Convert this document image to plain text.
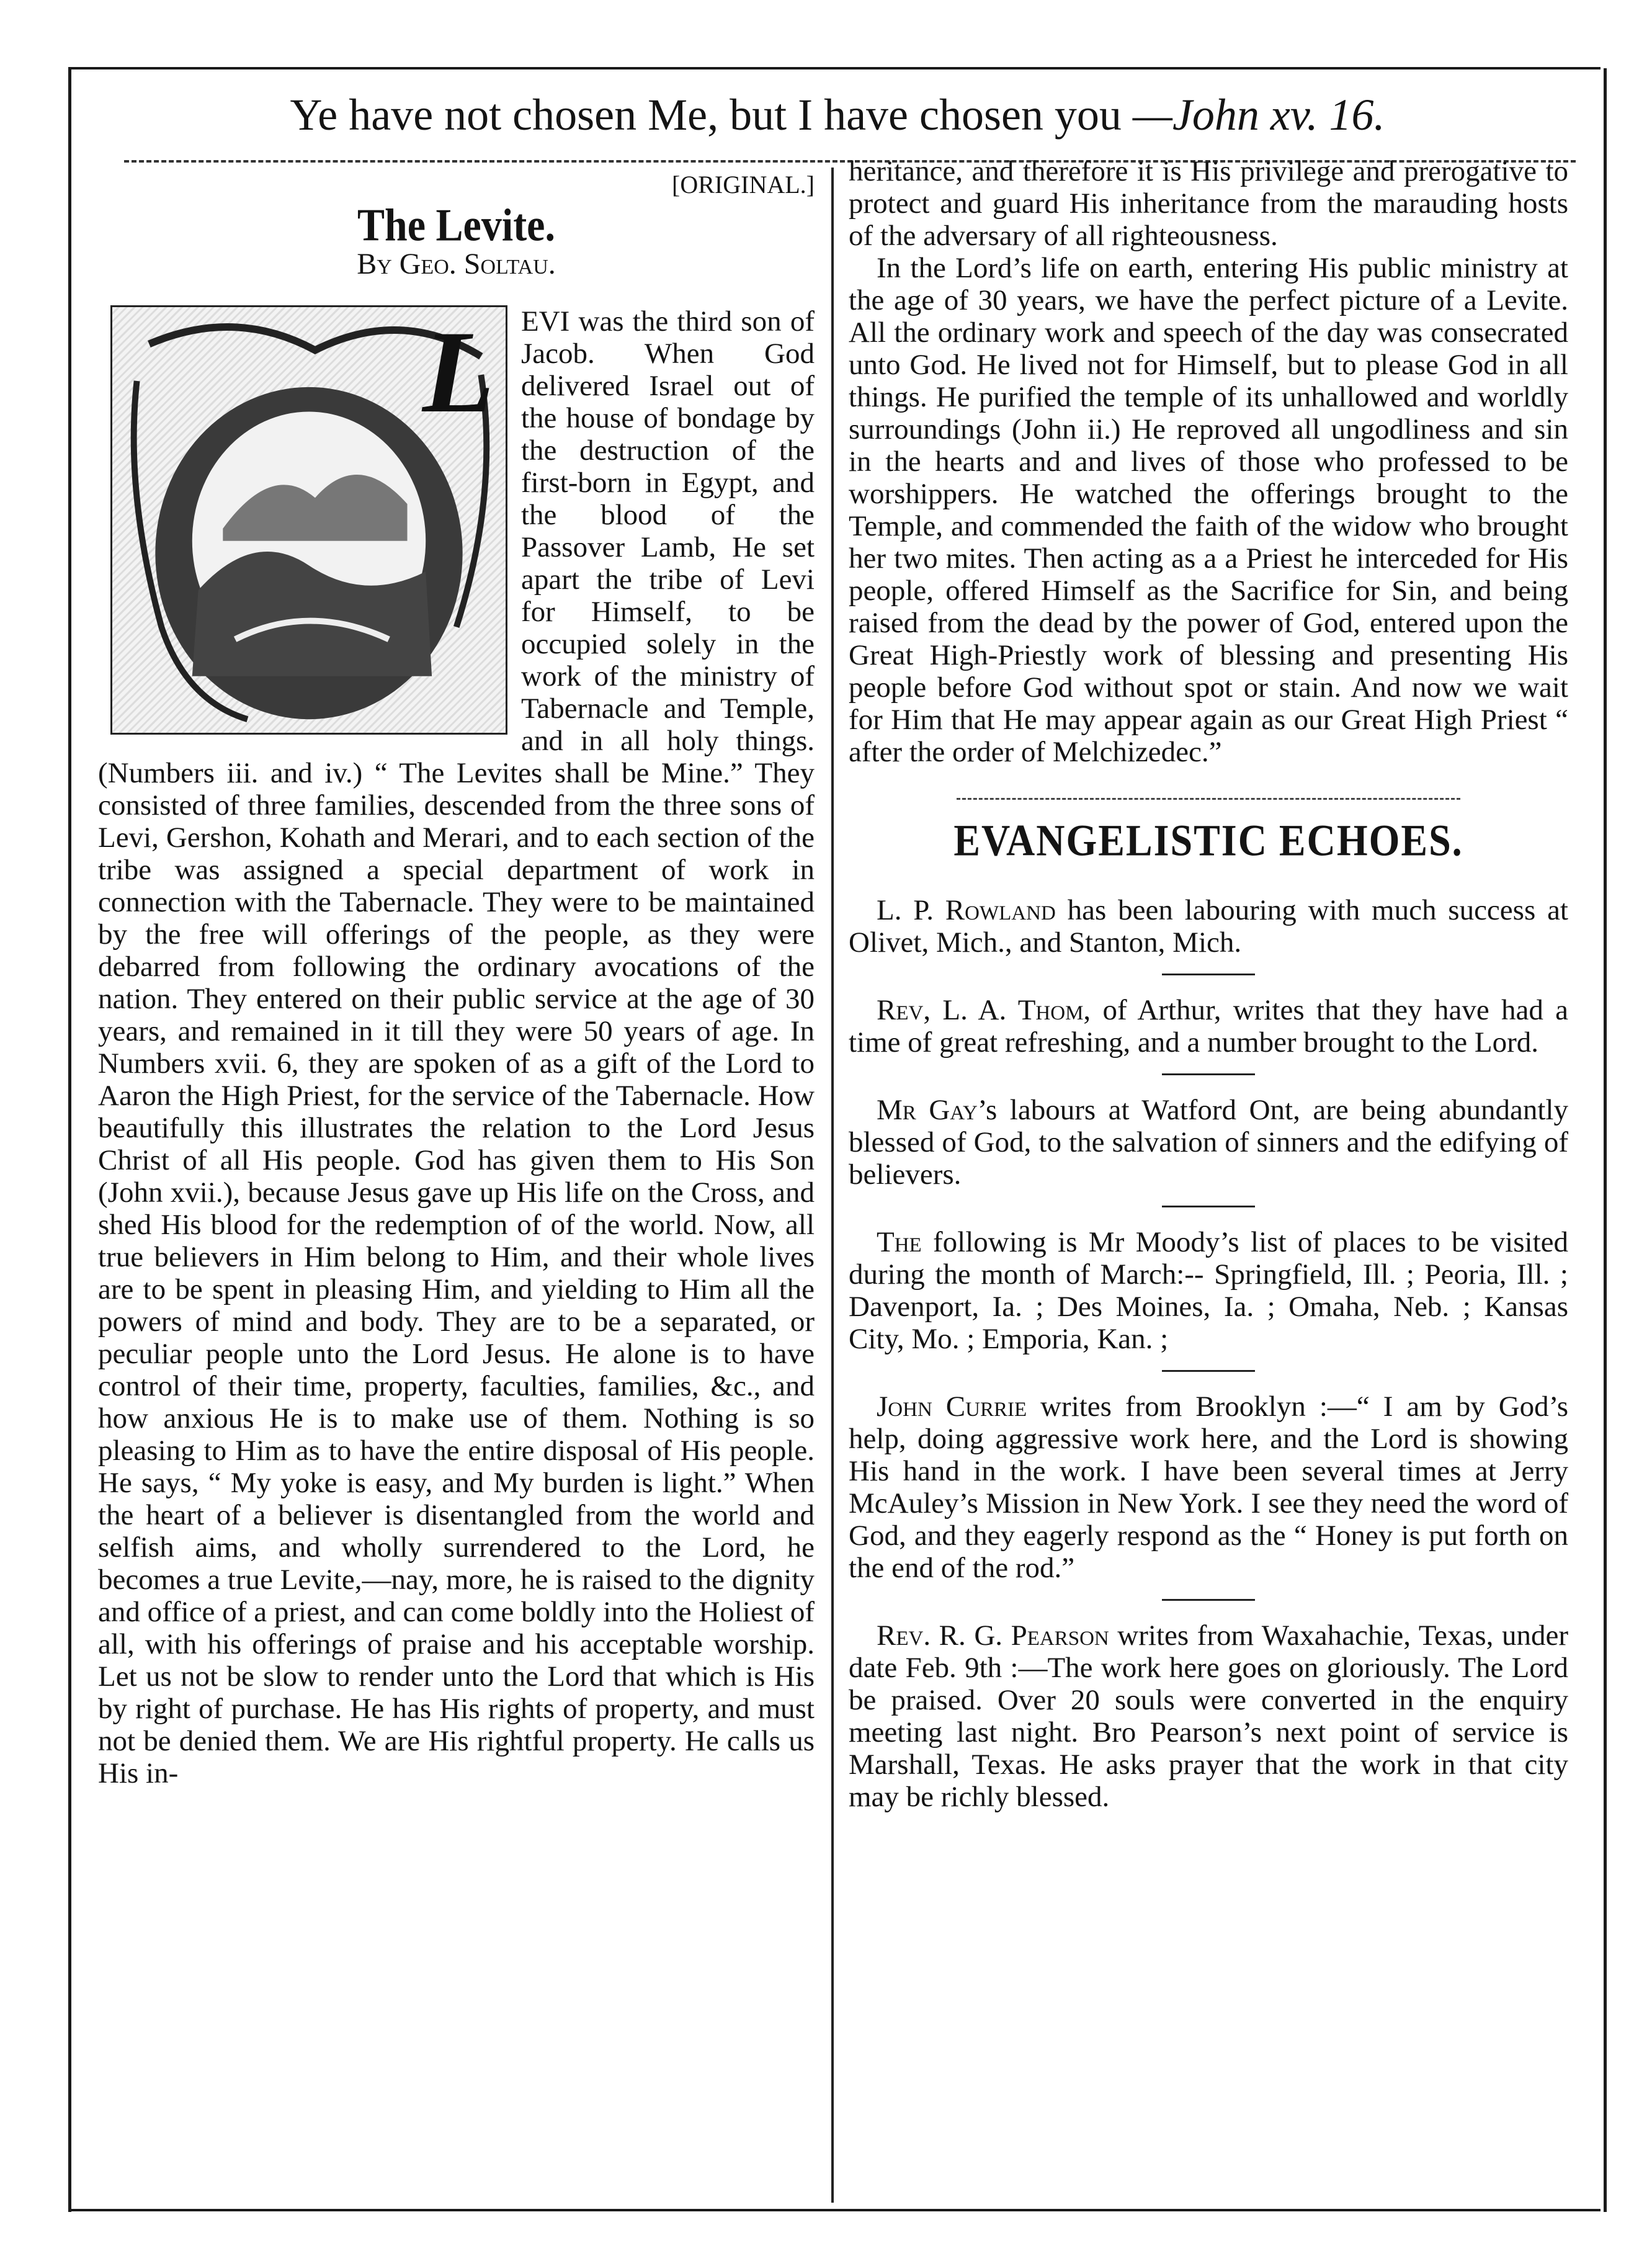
Ye have not chosen Me, but I have chosen you —John xv. 16.
[ORIGINAL.]
The Levite.
By Geo. Soltau.
L EVI was the third son of Jacob. When God delivered Israel out of the house of bondage by the destruction of the first-born in Egypt, and the blood of the Passover Lamb, He set apart the tribe of Levi for Himself, to be occupied solely in the work of the ministry of Tabernacle and Temple, and in all holy things. (Numbers iii. and iv.) “ The Levites shall be Mine.” They consisted of three families, descended from the three sons of Levi, Gershon, Kohath and Merari, and to each section of the tribe was assigned a special department of work in connection with the Tabernacle. They were to be maintained by the free will offerings of the people, as they were debarred from following the ordinary avocations of the nation. They entered on their public service at the age of 30 years, and remained in it till they were 50 years of age. In Numbers xvii. 6, they are spoken of as a gift of the Lord to Aaron the High Priest, for the service of the Tabernacle. How beautifully this illustrates the relation to the Lord Jesus Christ of all His people. God has given them to His Son (John xvii.), because Jesus gave up His life on the Cross, and shed His blood for the redemption of of the world. Now, all true believers in Him belong to Him, and their whole lives are to be spent in pleasing Him, and yielding to Him all the powers of mind and body. They are to be a separated, or peculiar people unto the Lord Jesus. He alone is to have control of their time, property, faculties, families, &c., and how anxious He is to make use of them. Nothing is so pleasing to Him as to have the entire disposal of His people. He says, “ My yoke is easy, and My burden is light.” When the heart of a believer is disentangled from the world and selfish aims, and wholly surrendered to the Lord, he becomes a true Levite,—nay, more, he is raised to the dignity and office of a priest, and can come boldly into the Holiest of all, with his offerings of praise and his acceptable worship. Let us not be slow to render unto the Lord that which is His by right of purchase. He has His rights of property, and must not be denied them. We are His rightful property. He calls us His in-

heritance, and therefore it is His privilege and prerogative to protect and guard His inheritance from the marauding hosts of the adversary of all righteousness.

In the Lord’s life on earth, entering His public ministry at the age of 30 years, we have the perfect picture of a Levite. All the ordinary work and speech of the day was consecrated unto God. He lived not for Himself, but to please God in all things. He purified the temple of its unhallowed and worldly surroundings (John ii.) He reproved all ungodliness and sin in the hearts and and lives of those who professed to be worshippers. He watched the offerings brought to the Temple, and commended the faith of the widow who brought her two mites. Then acting as a a Priest he interceded for His people, offered Himself as the Sacrifice for Sin, and being raised from the dead by the power of God, entered upon the Great High-Priestly work of blessing and presenting His people before God without spot or stain. And now we wait for Him that He may appear again as our Great High Priest “ after the order of Melchizedec.”

EVANGELISTIC ECHOES.

L. P. Rowland has been labouring with much success at Olivet, Mich., and Stanton, Mich.

Rev, L. A. Thom, of Arthur, writes that they have had a time of great refreshing, and a number brought to the Lord.

Mr Gay’s labours at Watford Ont, are being abundantly blessed of God, to the salvation of sinners and the edifying of believers.

The following is Mr Moody’s list of places to be visited during the month of March:-- Springfield, Ill. ; Peoria, Ill. ; Davenport, Ia. ; Des Moines, Ia. ; Omaha, Neb. ; Kansas City, Mo. ; Emporia, Kan. ;

John Currie writes from Brooklyn :—“ I am by God’s help, doing aggressive work here, and the Lord is showing His hand in the work. I have been several times at Jerry McAuley’s Mission in New York. I see they need the word of God, and they eagerly respond as the “ Honey is put forth on the end of the rod.”

Rev. R. G. Pearson writes from Waxahachie, Texas, under date Feb. 9th :—The work here goes on gloriously. The Lord be praised. Over 20 souls were converted in the enquiry meeting last night. Bro Pearson’s next point of service is Marshall, Texas. He asks prayer that the work in that city may be richly blessed.
